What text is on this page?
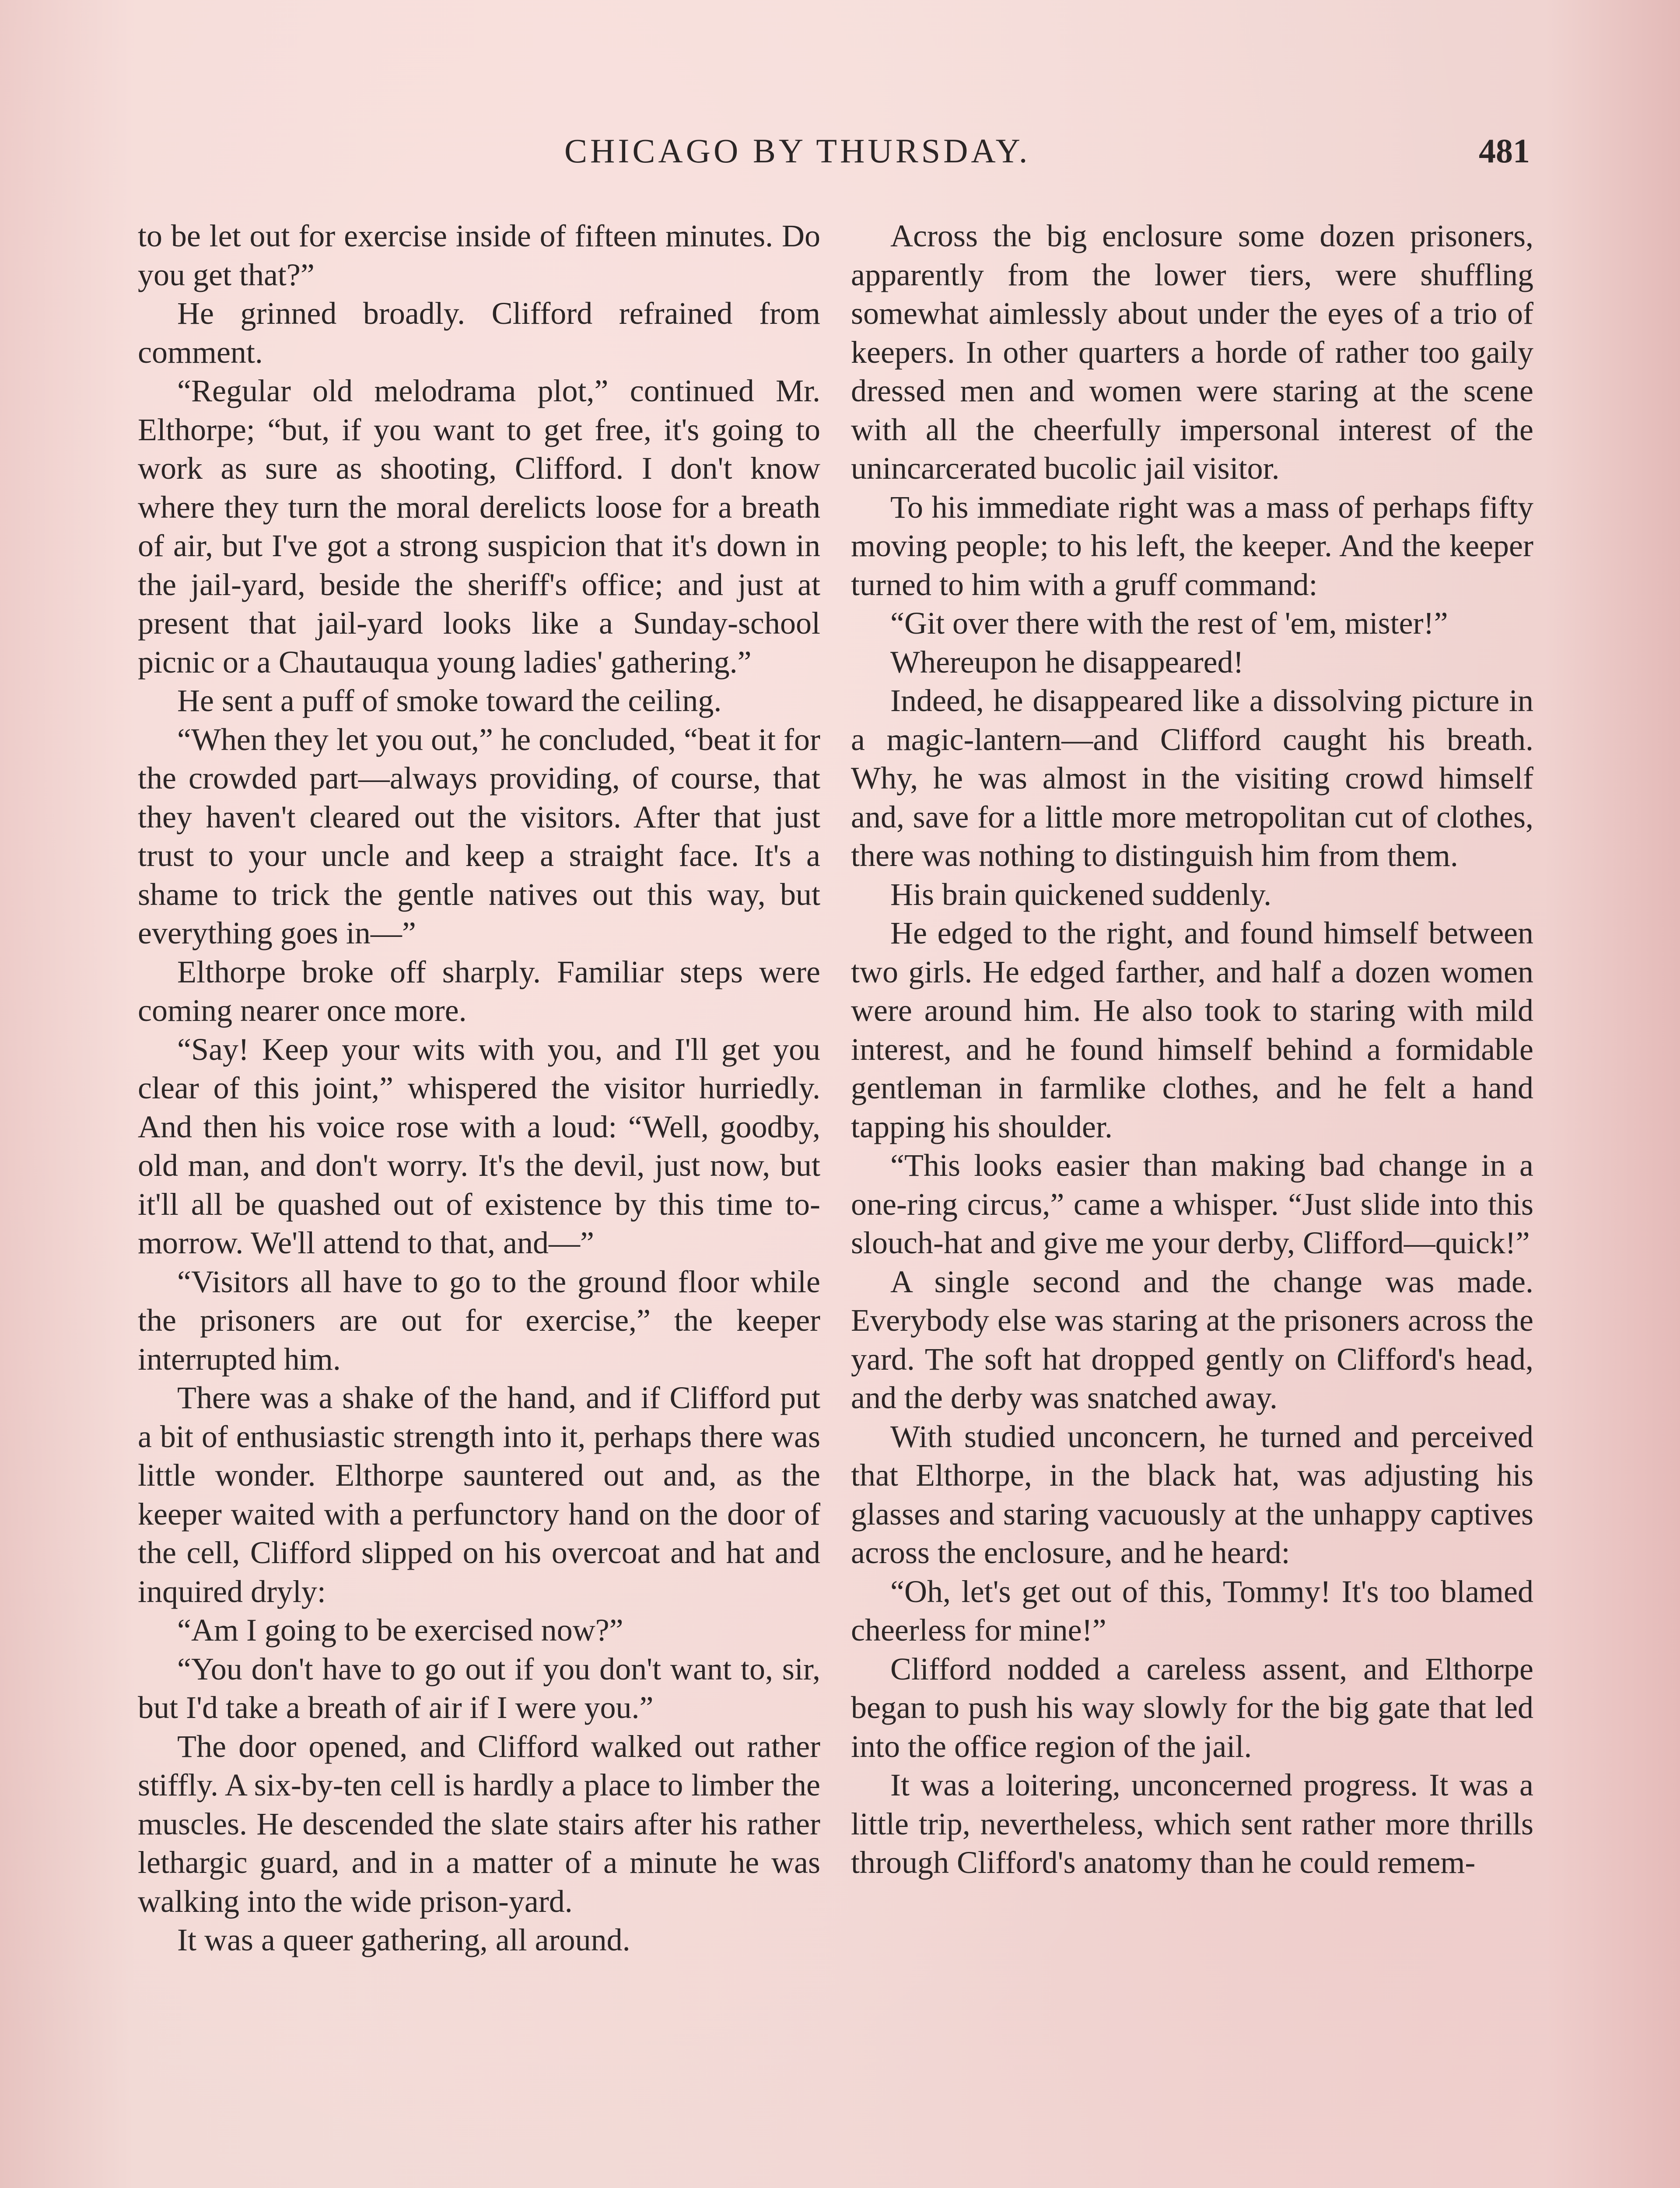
CHICAGO BY THURSDAY.	481

to be let out for exercise inside of fifteen minutes. Do you get that?”

He grinned broadly. Clifford refrained from comment.

“Regular old melodrama plot,” continued Mr. Elthorpe; “but, if you want to get free, it's going to work as sure as shooting, Clifford. I don't know where they turn the moral derelicts loose for a breath of air, but I've got a strong suspicion that it's down in the jail-yard, beside the sheriff's office; and just at present that jail-yard looks like a Sunday-school picnic or a Chautauqua young ladies' gathering.”

He sent a puff of smoke toward the ceiling.

“When they let you out,” he concluded, “beat it for the crowded part—always providing, of course, that they haven't cleared out the visitors. After that just trust to your uncle and keep a straight face. It's a shame to trick the gentle natives out this way, but everything goes in—”

Elthorpe broke off sharply. Familiar steps were coming nearer once more.

“Say! Keep your wits with you, and I'll get you clear of this joint,” whispered the visitor hurriedly. And then his voice rose with a loud: “Well, goodby, old man, and don't worry. It's the devil, just now, but it'll all be quashed out of existence by this time to-morrow. We'll attend to that, and—”

“Visitors all have to go to the ground floor while the prisoners are out for exercise,” the keeper interrupted him.

There was a shake of the hand, and if Clifford put a bit of enthusiastic strength into it, perhaps there was little wonder. Elthorpe sauntered out and, as the keeper waited with a perfunctory hand on the door of the cell, Clifford slipped on his overcoat and hat and inquired dryly:

“Am I going to be exercised now?”

“You don't have to go out if you don't want to, sir, but I'd take a breath of air if I were you.”

The door opened, and Clifford walked out rather stiffly. A six-by-ten cell is hardly a place to limber the muscles. He descended the slate stairs after his rather lethargic guard, and in a matter of a minute he was walking into the wide prison-yard.

It was a queer gathering, all around.

Across the big enclosure some dozen prisoners, apparently from the lower tiers, were shuffling somewhat aimlessly about under the eyes of a trio of keepers. In other quarters a horde of rather too gaily dressed men and women were staring at the scene with all the cheerfully impersonal interest of the unincarcerated bucolic jail visitor.

To his immediate right was a mass of perhaps fifty moving people; to his left, the keeper. And the keeper turned to him with a gruff command:

“Git over there with the rest of 'em, mister!”

Whereupon he disappeared!

Indeed, he disappeared like a dissolving picture in a magic-lantern—and Clifford caught his breath. Why, he was almost in the visiting crowd himself and, save for a little more metropolitan cut of clothes, there was nothing to distinguish him from them.

His brain quickened suddenly.

He edged to the right, and found himself between two girls. He edged farther, and half a dozen women were around him. He also took to staring with mild interest, and he found himself behind a formidable gentleman in farmlike clothes, and he felt a hand tapping his shoulder.

“This looks easier than making bad change in a one-ring circus,” came a whisper. “Just slide into this slouch-hat and give me your derby, Clifford—quick!”

A single second and the change was made. Everybody else was staring at the prisoners across the yard. The soft hat dropped gently on Clifford's head, and the derby was snatched away.

With studied unconcern, he turned and perceived that Elthorpe, in the black hat, was adjusting his glasses and staring vacuously at the unhappy captives across the enclosure, and he heard:

“Oh, let's get out of this, Tommy! It's too blamed cheerless for mine!”

Clifford nodded a careless assent, and Elthorpe began to push his way slowly for the big gate that led into the office region of the jail.

It was a loitering, unconcerned progress. It was a little trip, nevertheless, which sent rather more thrills through Clifford's anatomy than he could remem-
